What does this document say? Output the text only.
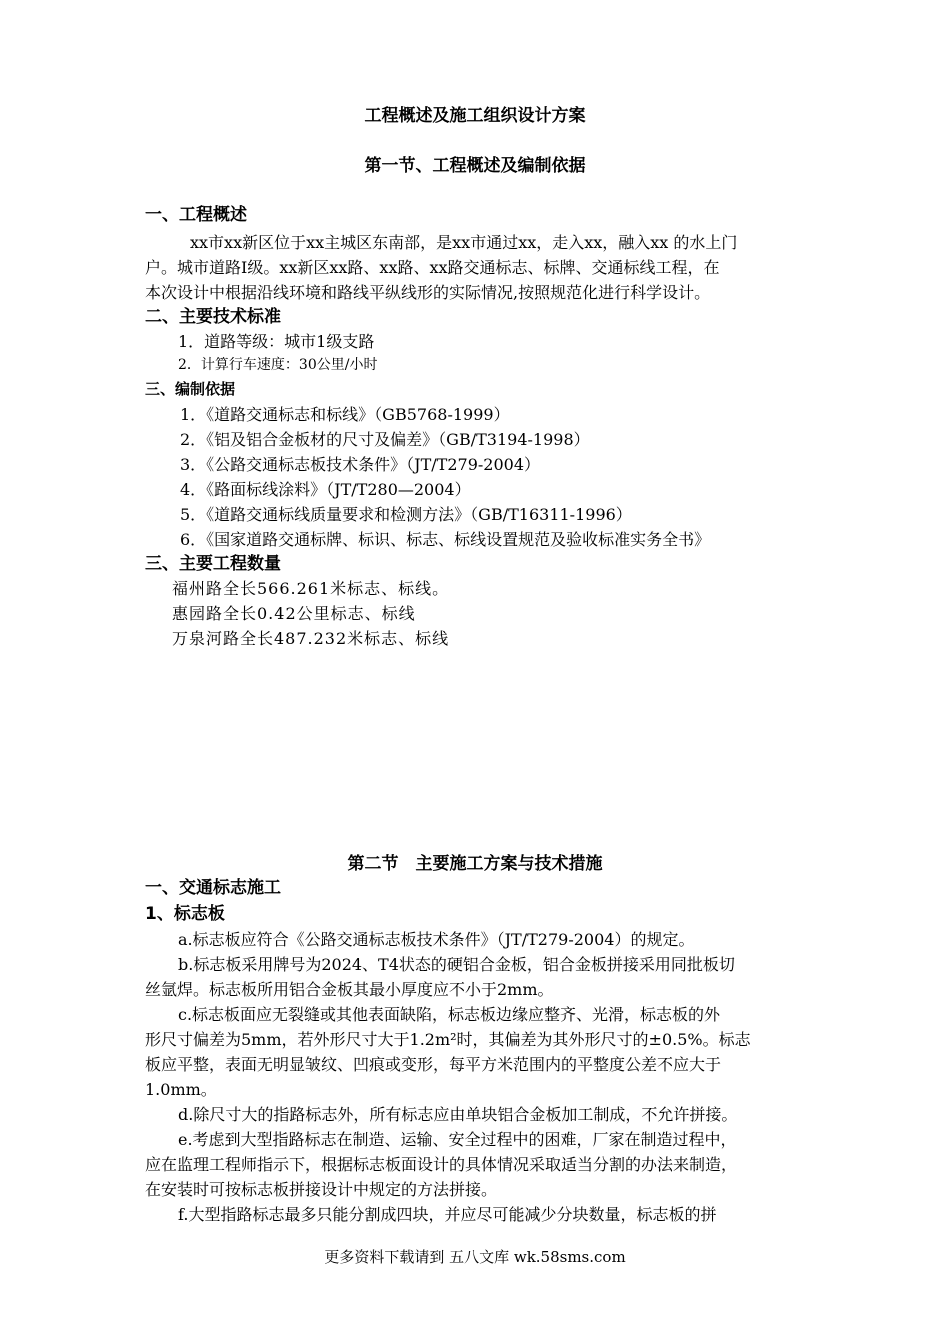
工程概述及施工组织设计方案
第一节、工程概述及编制依据
一、工程概述
xx市xx新区位于xx主城区东南部，是xx市通过xx，走入xx，融入xx 的水上门
户。城市道路Ⅰ级。xx新区xx路、xx路、xx路交通标志、标牌、交通标线工程，在
本次设计中根据沿线环境和路线平纵线形的实际情况,按照规范化进行科学设计。
二、主要技术标准
1．道路等级：城市1级支路
2．计算行车速度：30公里/小时
三、编制依据
1．《道路交通标志和标线》（GB5768-1999）
2．《铝及铝合金板材的尺寸及偏差》（GB/T3194-1998）
3．《公路交通标志板技术条件》（JT/T279-2004）
4．《路面标线涂料》（JT/T280—2004）
5．《道路交通标线质量要求和检测方法》（GB/T16311-1996）
6．《国家道路交通标牌、标识、标志、标线设置规范及验收标准实务全书》
三、主要工程数量
福州路全长566.261米标志、标线。
惠园路全长0.42公里标志、标线
万泉河路全长487.232米标志、标线
第二节　主要施工方案与技术措施
一、交通标志施工
1、标志板
a.标志板应符合《公路交通标志板技术条件》（JT/T279-2004）的规定。
b.标志板采用牌号为2024、T4状态的硬铝合金板，铝合金板拼接采用同批板切
丝氩焊。标志板所用铝合金板其最小厚度应不小于2mm。
c.标志板面应无裂缝或其他表面缺陷，标志板边缘应整齐、光滑，标志板的外
形尺寸偏差为5mm，若外形尺寸大于1.2m²时，其偏差为其外形尺寸的±0.5%。标志
板应平整，表面无明显皱纹、凹痕或变形，每平方米范围内的平整度公差不应大于
1.0mm。
d.除尺寸大的指路标志外，所有标志应由单块铝合金板加工制成，不允许拼接。
e.考虑到大型指路标志在制造、运输、安全过程中的困难，厂家在制造过程中，
应在监理工程师指示下，根据标志板面设计的具体情况采取适当分割的办法来制造，
在安装时可按标志板拼接设计中规定的方法拼接。
f.大型指路标志最多只能分割成四块，并应尽可能减少分块数量，标志板的拼
更多资料下载请到 五八文库 wk.58sms.com
